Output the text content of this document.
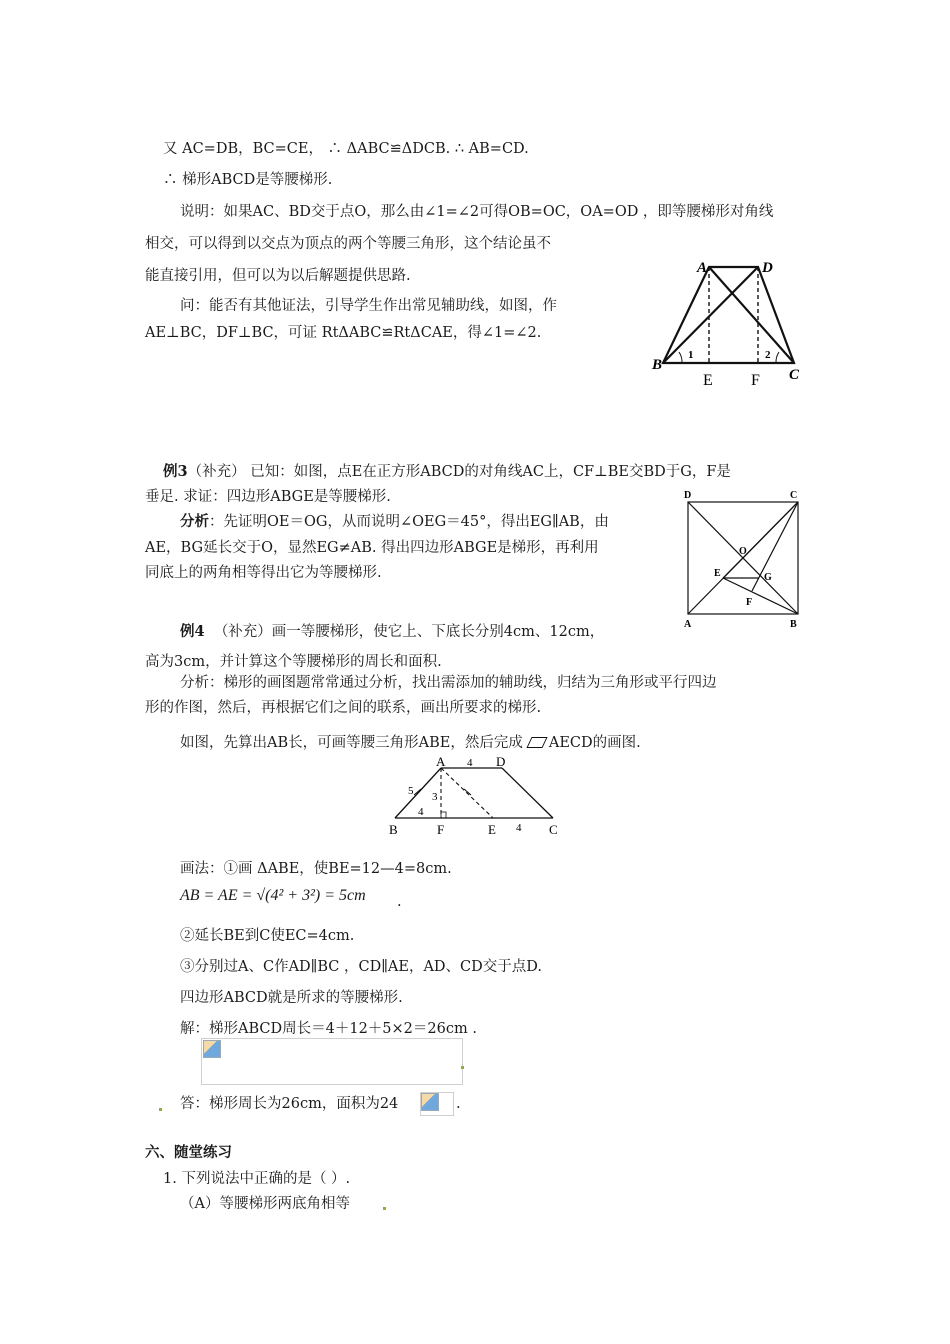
又 AC=DB，BC=CE， ∴ ΔABC≌ΔDCB. ∴ AB=CD.
∴ 梯形ABCD是等腰梯形.
说明：如果AC、BD交于点O，那么由∠1=∠2可得OB=OC，OA=OD ，即等腰梯形对角线
相交，可以得到以交点为顶点的两个等腰三角形，这个结论虽不
能直接引用，但可以为以后解题提供思路.
问：能否有其他证法，引导学生作出常见辅助线，如图，作
AE⊥BC，DF⊥BC，可证 RtΔABC≌RtΔCAE，得∠1=∠2.
A	D
B
C
E F
1	2
例3（补充） 已知：如图，点E在正方形ABCD的对角线AC上，CF⊥BE交BD于G，F是
垂足. 求证：四边形ABGE是等腰梯形.
分析：先证明OE＝OG，从而说明∠OEG＝45°，得出EG∥AB，由
AE，BG延长交于O，显然EG≠AB. 得出四边形ABGE是梯形，再利用
同底上的两角相等得出它为等腰梯形.
D	C
A	B
O
E	G
F
例4 （补充）画一等腰梯形，使它上、下底长分别4cm、12cm，
高为3cm，并计算这个等腰梯形的周长和面积.
分析：梯形的画图题常常通过分析，找出需添加的辅助线，归结为三角形或平行四边
形的作图，然后，再根据它们之间的联系，画出所要求的梯形.
如图，先算出AB长，可画等腰三角形ABE，然后完成 AECD的画图.
A	D
B	F	E	C
4
4
4
5 3
画法：①画 ΔABE，使BE=12—4=8cm.
AB = AE = √(4² + 3²) = 5cm .
②延长BE到C使EC=4cm.
③分别过A、C作AD∥BC ，CD∥AE，AD、CD交于点D.
四边形ABCD就是所求的等腰梯形.
解：梯形ABCD周长＝4＋12＋5×2＝26cm .
答：梯形周长为26cm，面积为24	.
六、随堂练习
1. 下列说法中正确的是（ ）.
（A）等腰梯形两底角相等
